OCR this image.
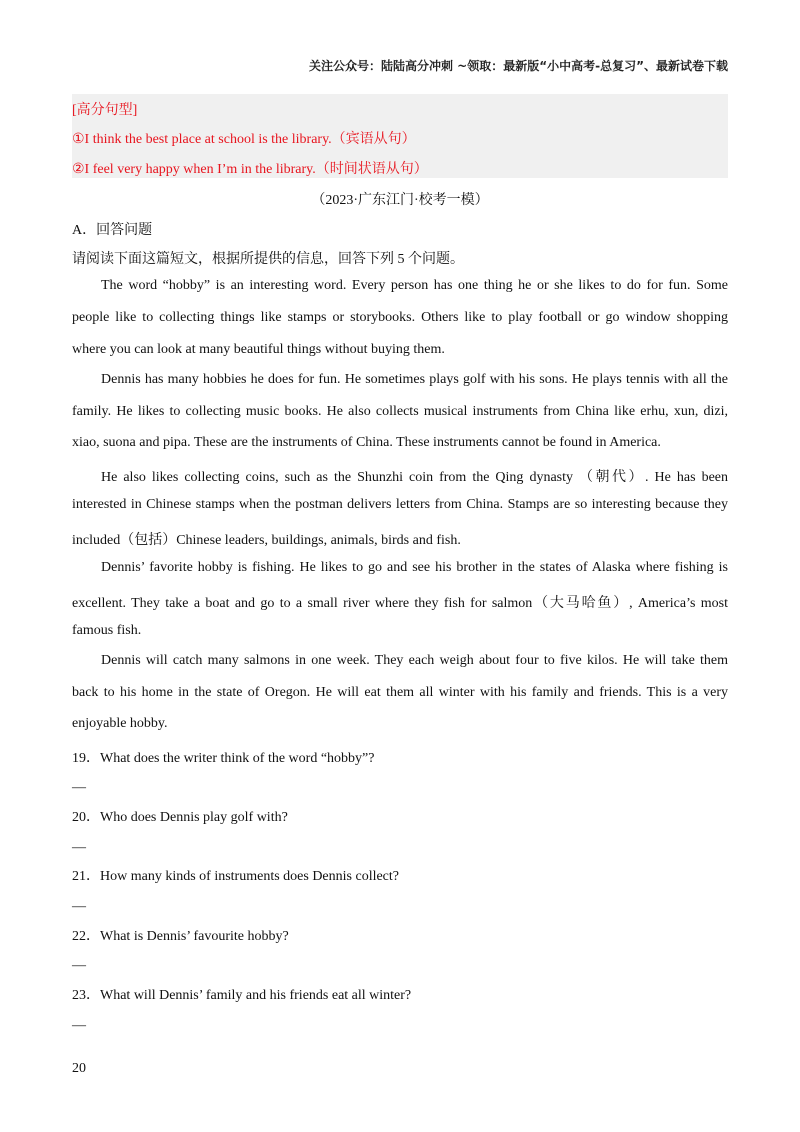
关注公众号：陆陆高分冲刺 ~领取：最新版“小中高考-总复习”、最新试卷下载
[高分句型]
①I think the best place at school is the library.（宾语从句）
②I feel very happy when I’m in the library.（时间状语从句）
（2023·广东江门·校考一模）
A．回答问题
请阅读下面这篇短文，根据所提供的信息，回答下列 5 个问题。
The word “hobby” is an interesting word. Every person has one thing he or she likes to do for fun. Some
people like to collecting things like stamps or storybooks. Others like to play football or go window shopping
where you can look at many beautiful things without buying them.
Dennis has many hobbies he does for fun. He sometimes plays golf with his sons. He plays tennis with all the
family. He likes to collecting music books. He also collects musical instruments from China like erhu, xun, dizi,
xiao, suona and pipa. These are the instruments of China. These instruments cannot be found in America.
He also likes collecting coins, such as the Shunzhi coin from the Qing dynasty （朝代）. He has been
interested in Chinese stamps when the postman delivers letters from China. Stamps are so interesting because they
included（包括）Chinese leaders, buildings, animals, birds and fish.
Dennis’ favorite hobby is fishing. He likes to go and see his brother in the states of Alaska where fishing is
excellent. They take a boat and go to a small river where they fish for salmon（大马哈鱼）, America’s most
famous fish.
Dennis will catch many salmons in one week. They each weigh about four to five kilos. He will take them
back to his home in the state of Oregon. He will eat them all winter with his family and friends. This is a very
enjoyable hobby.
19．What does the writer think of the word “hobby”?
—
20．Who does Dennis play golf with?
—
21．How many kinds of instruments does Dennis collect?
—
22．What is Dennis’ favourite hobby?
—
23．What will Dennis’ family and his friends eat all winter?
—
20
